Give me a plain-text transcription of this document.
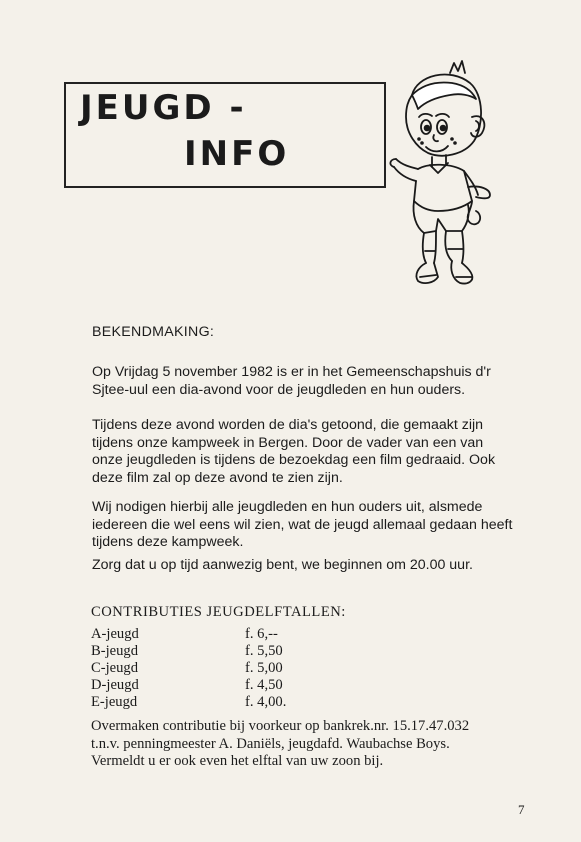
JEUGD -
INFO
BEKENDMAKING:
Op Vrijdag 5 november 1982 is er in het Gemeenschapshuis d'r
Sjtee-uul een dia-avond voor de jeugdleden en hun ouders.
Tijdens deze avond worden de dia's getoond, die gemaakt zijn
tijdens onze kampweek in Bergen. Door de vader van een van
onze jeugdleden is tijdens de bezoekdag een film gedraaid. Ook
deze film zal op deze avond te zien zijn.
Wij nodigen hierbij alle jeugdleden en hun ouders uit, alsmede
iedereen die wel eens wil zien, wat de jeugd allemaal gedaan heeft
tijdens deze kampweek.
Zorg dat u op tijd aanwezig bent, we beginnen om 20.00 uur.
CONTRIBUTIES JEUGDELFTALLEN:
A-jeugd	f. 6,--
B-jeugd	f. 5,50
C-jeugd	f. 5,00
D-jeugd	f. 4,50
E-jeugd	f. 4,00.
Overmaken contributie bij voorkeur op bankrek.nr. 15.17.47.032
t.n.v. penningmeester A. Daniëls, jeugdafd. Waubachse Boys.
Vermeldt u er ook even het elftal van uw zoon bij.
7
